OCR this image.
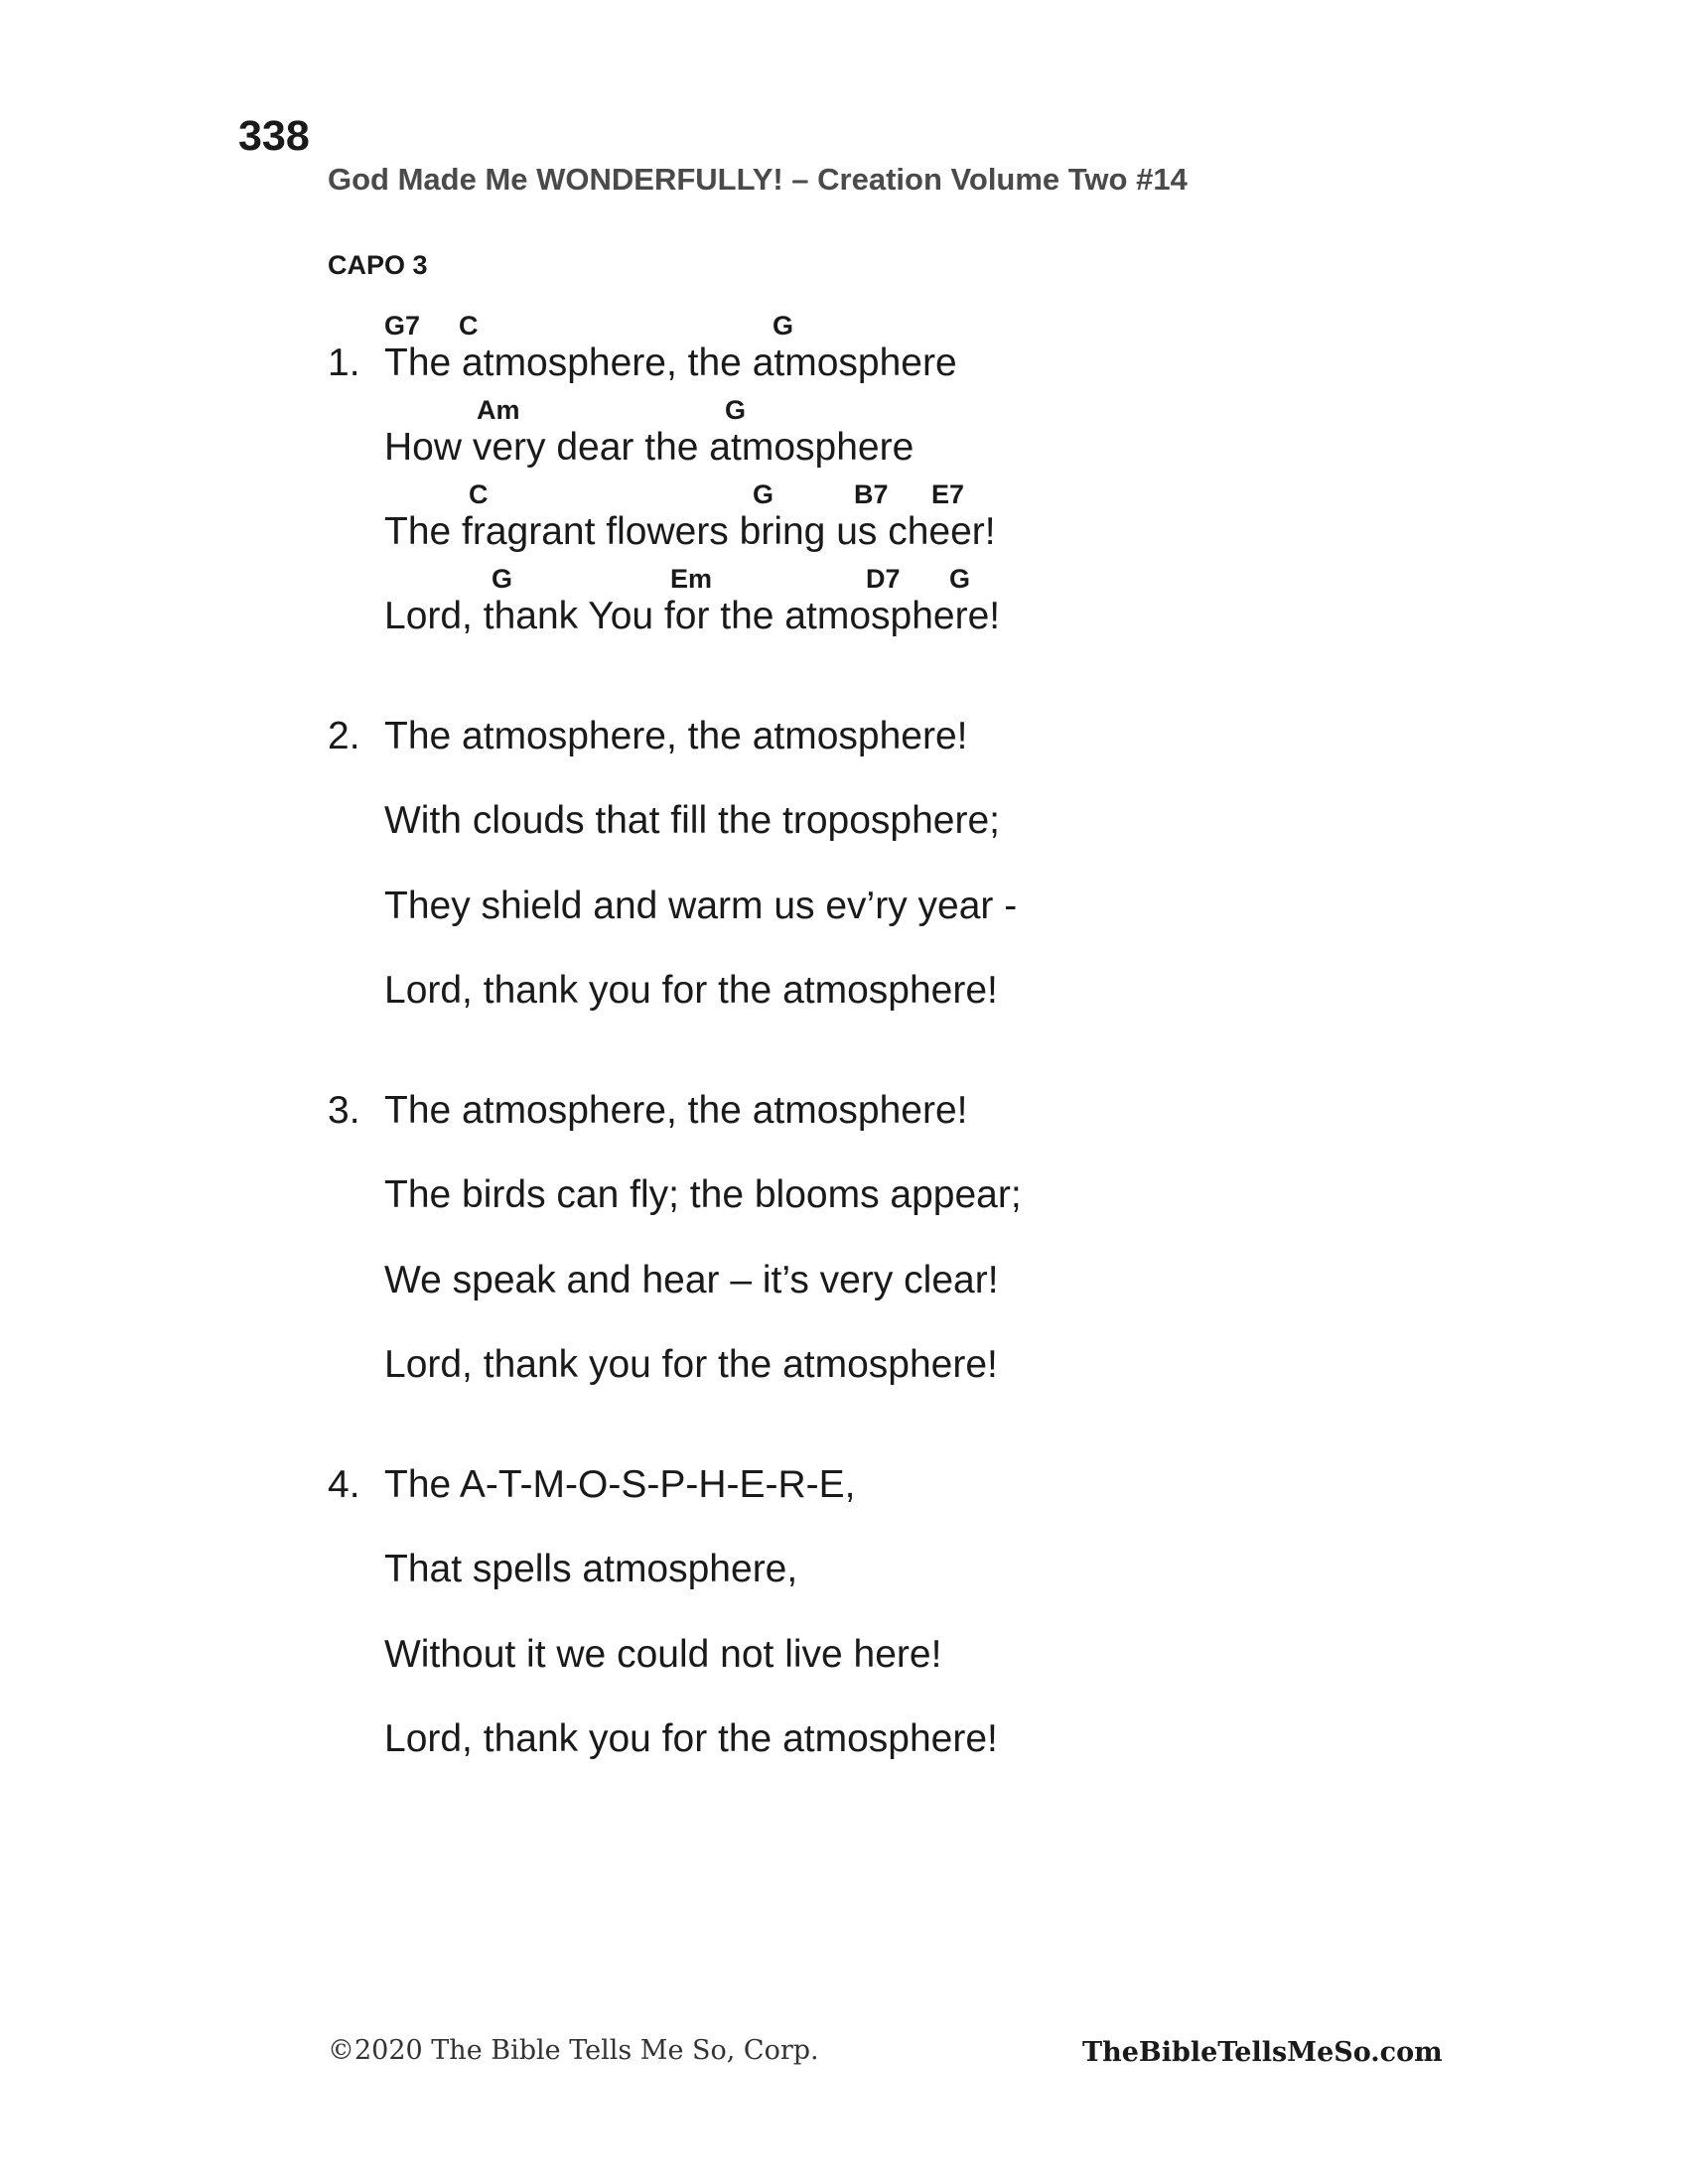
338
God Made Me WONDERFULLY! – Creation Volume Two #14
CAPO 3
1.
G7 C	G
The atmosphere, the atmosphere
Am	G
How very dear the atmosphere
C	G	B7 E7
The fragrant flowers bring us cheer!
G	Em	D7 G
Lord, thank You for the atmosphere!
2. The atmosphere, the atmosphere!
With clouds that fill the troposphere;
They shield and warm us ev’ry year -
Lord, thank you for the atmosphere!
3. The atmosphere, the atmosphere!
The birds can fly; the blooms appear;
We speak and hear – it’s very clear!
Lord, thank you for the atmosphere!
4. The A-T-M-O-S-P-H-E-R-E,
That spells atmosphere,
Without it we could not live here!
Lord, thank you for the atmosphere!
©2020 The Bible Tells Me So, Corp.	TheBibleTellsMeSo.com
